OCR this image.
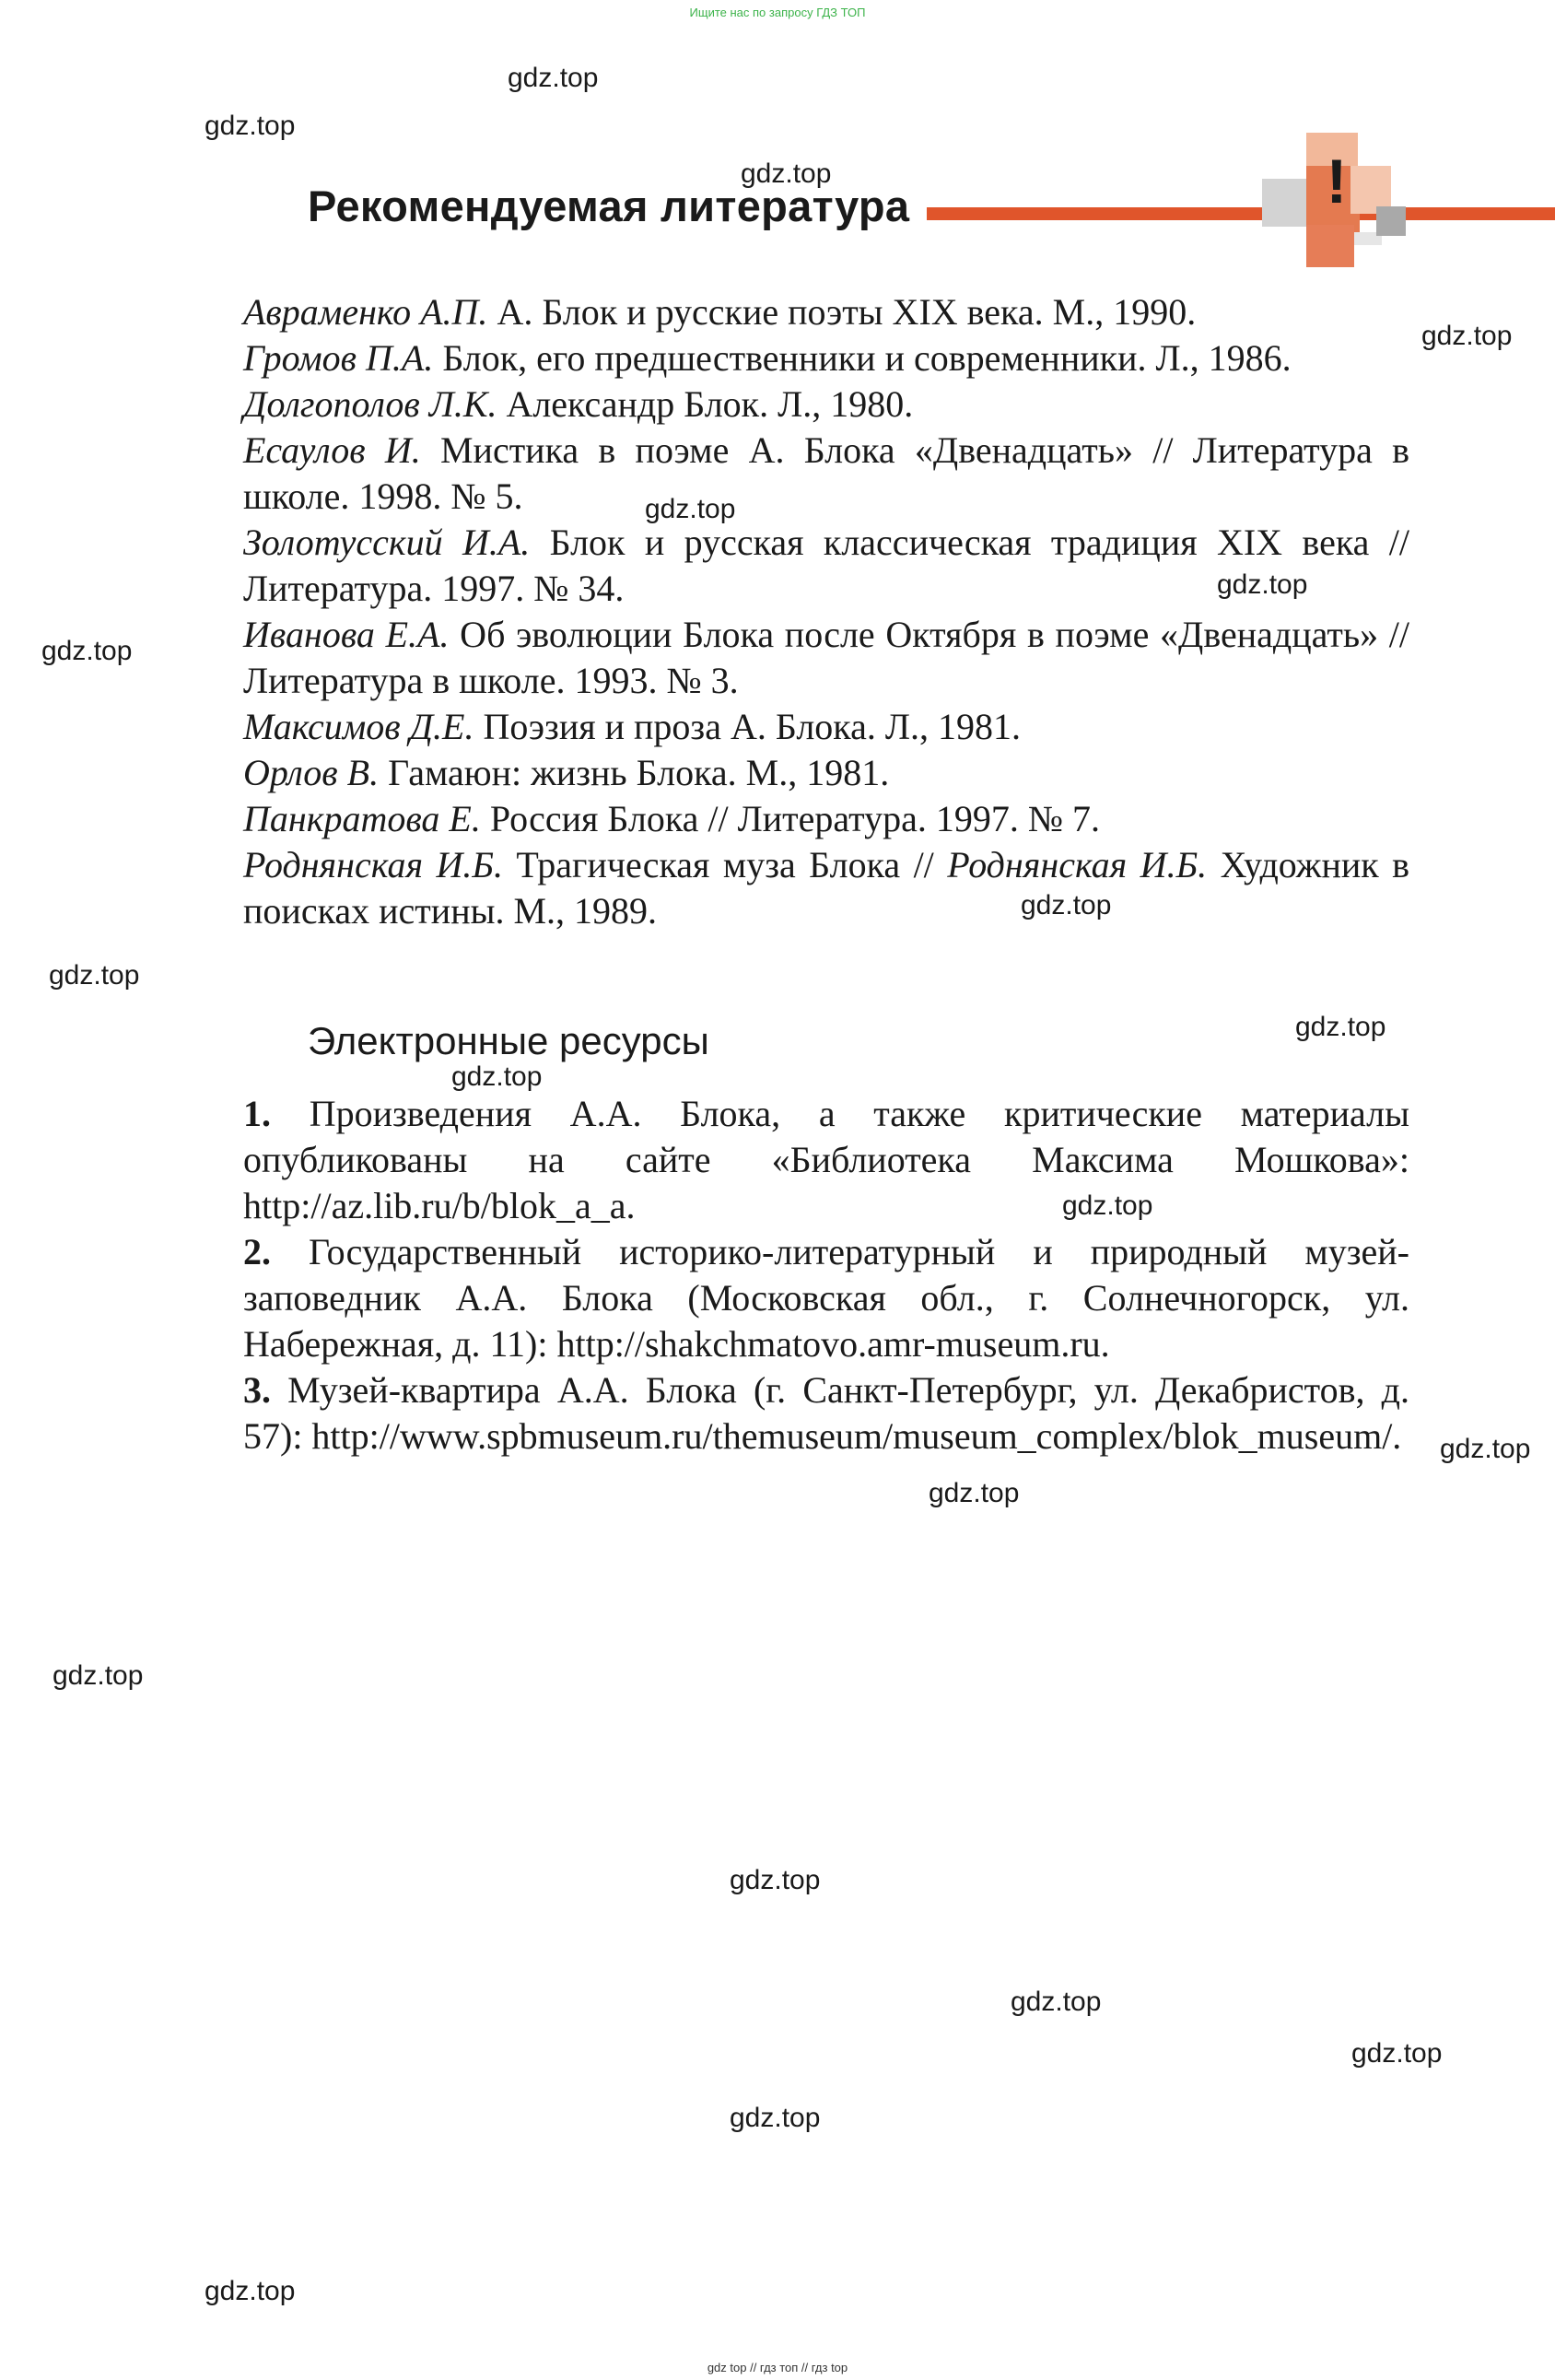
Ищите нас по запросу ГДЗ ТОП
Рекомендуемая литература	!

Авраменко А.П. А. Блок и русские поэты XIX века. М., 1990.

Громов П.А. Блок, его предшественники и современники. Л., 1986.

Долгополов Л.К. Александр Блок. Л., 1980.

Есаулов И. Мистика в поэме А. Блока «Двенадцать» // Литература в школе. 1998. № 5.

Золотусский И.А. Блок и русская классическая традиция XIX века // Литература. 1997. № 34.

Иванова Е.А. Об эволюции Блока после Октября в поэме «Двенадцать» // Литература в школе. 1993. № 3.

Максимов Д.Е. Поэзия и проза А. Блока. Л., 1981.

Орлов В. Гамаюн: жизнь Блока. М., 1981.

Панкратова Е. Россия Блока // Литература. 1997. № 7.

Роднянская И.Б. Трагическая муза Блока // Роднянская И.Б. Художник в поисках истины. М., 1989.

Электронные ресурсы

1. Произведения А.А. Блока, а также критические материалы опубликованы на сайте «Библиотека Максима Мошкова»: http://az.lib.ru/b/blok_a_a.

2. Государственный историко-литературный и природный музей-заповедник А.А. Блока (Московская обл., г. Солнечногорск, ул. Набережная, д. 11): http://shakchmatovo.amr-museum.ru.

3. Музей-квартира А.А. Блока (г. Санкт-Петербург, ул. Декабристов, д. 57): http://www.spbmuseum.ru/themuseum/museum_complex/blok_museum/.

gdz.top
gdz.top
gdz.top
gdz.top
gdz.top
gdz.top
gdz.top
gdz.top
gdz.top
gdz.top
gdz.top
gdz.top
gdz.top
gdz.top
gdz.top
gdz.top
gdz.top
gdz.top
gdz.top
gdz.top
gdz top // гдз топ // гдз top
